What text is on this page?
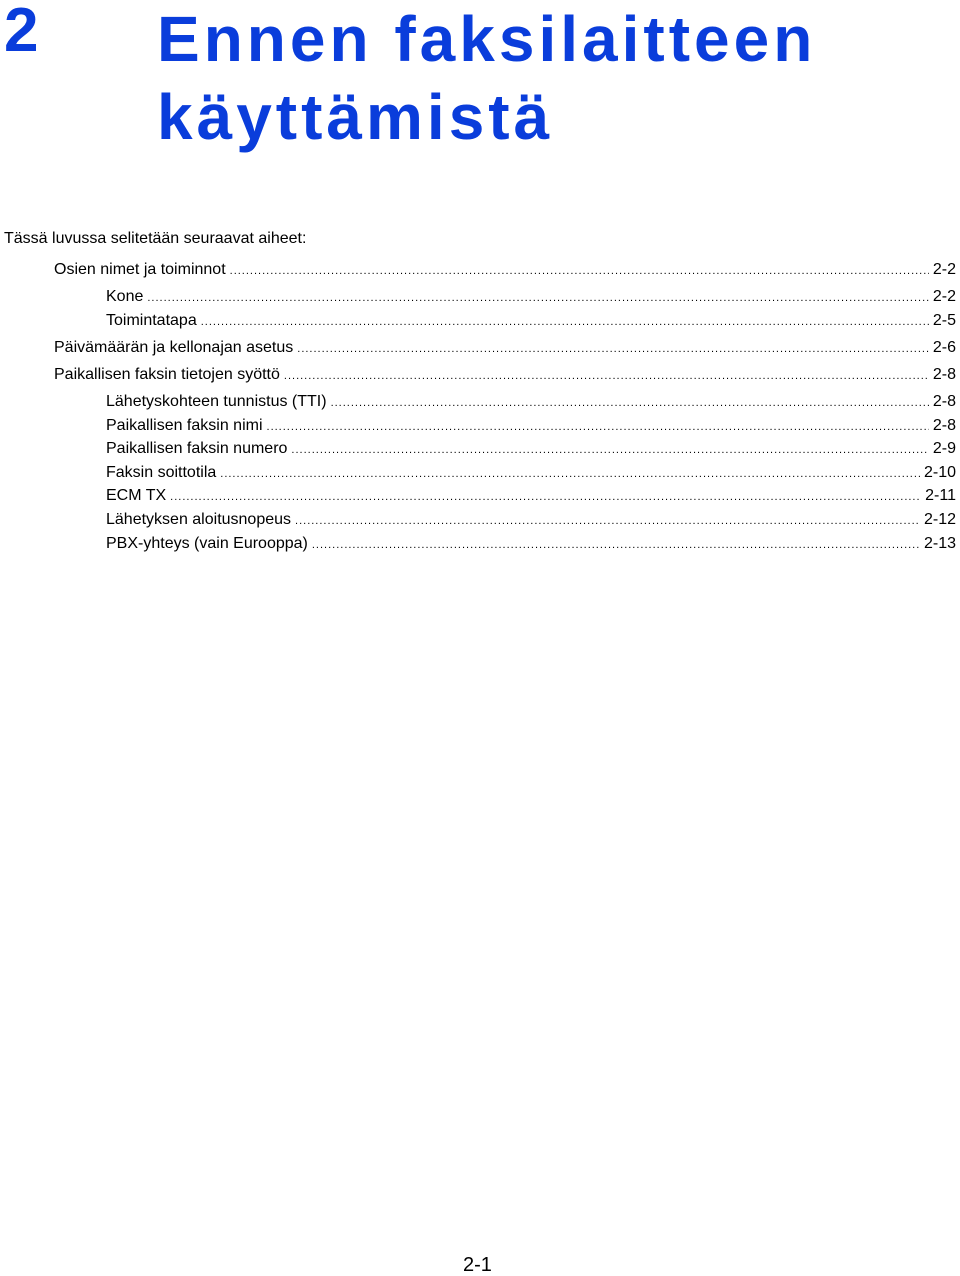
2 Ennen faksilaitteen käyttämistä
Tässä luvussa selitetään seuraavat aiheet:
Osien nimet ja toiminnot .....	2-2
Kone .....	2-2
Toimintatapa .....	2-5
Päivämäärän ja kellonajan asetus .....	2-6
Paikallisen faksin tietojen syöttö .....	2-8
Lähetyskohteen tunnistus (TTI) .....	2-8
Paikallisen faksin nimi .....	2-8
Paikallisen faksin numero .....	2-9
Faksin soittotila .....	2-10
ECM TX .....	2-11
Lähetyksen aloitusnopeus .....	2-12
PBX-yhteys (vain Eurooppa) .....	2-13
2-1
